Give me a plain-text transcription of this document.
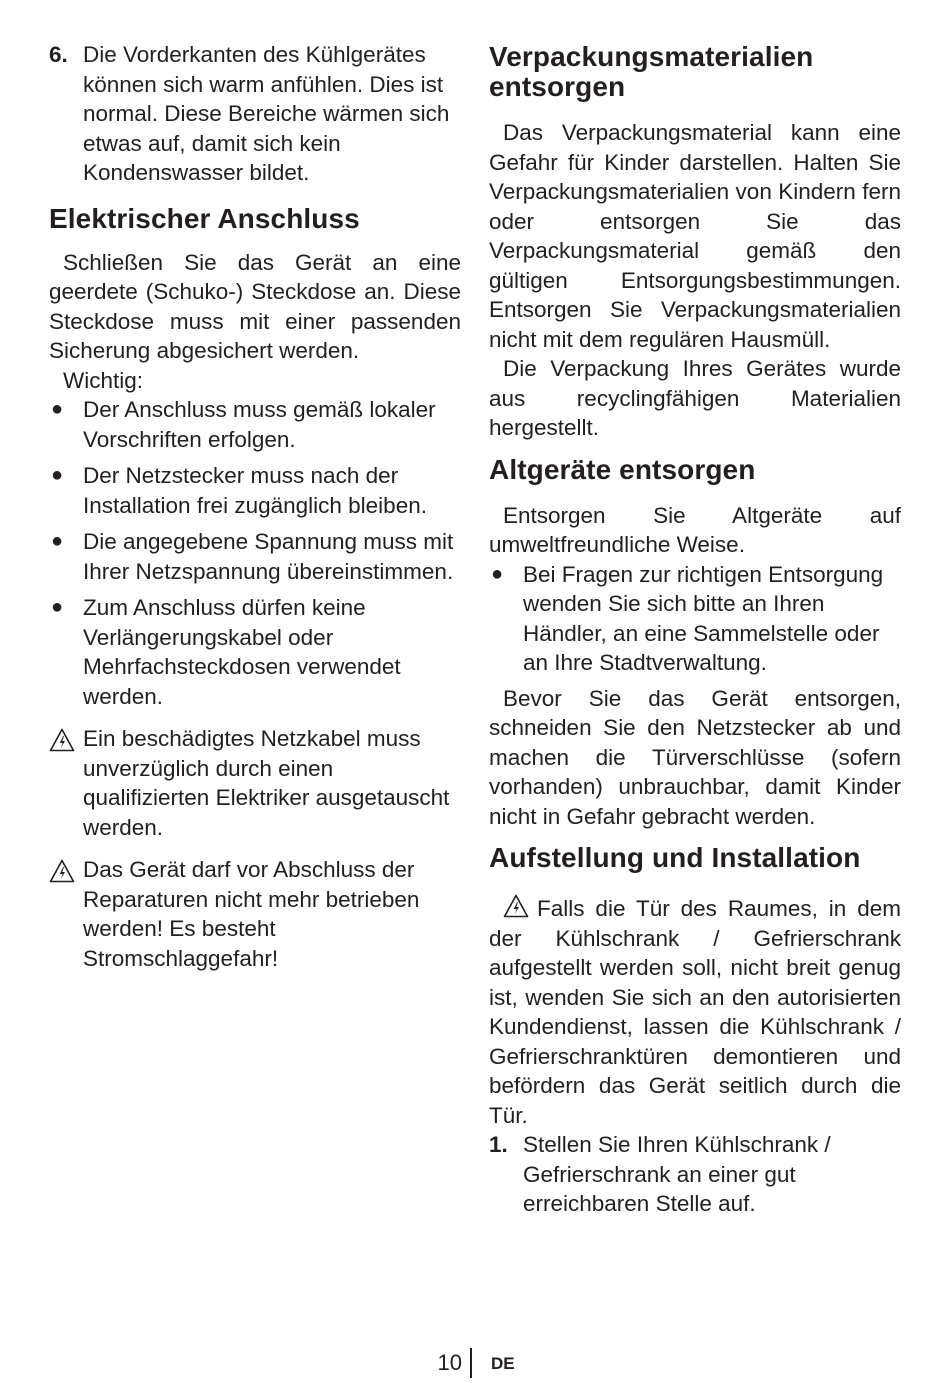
6. Die Vorderkanten des Kühlgerätes können sich warm anfühlen. Dies ist normal. Diese Bereiche wärmen sich etwas auf, damit sich kein Kondenswasser bildet.
Elektrischer Anschluss

Schließen Sie das Gerät an eine geerdete (Schuko-) Steckdose an. Diese Steckdose muss mit einer passenden Sicherung abgesichert werden.

Wichtig:

● Der Anschluss muss gemäß lokaler Vorschriften erfolgen.
● Der Netzstecker muss nach der Installation frei zugänglich bleiben.
● Die angegebene Spannung muss mit Ihrer Netzspannung übereinstimmen.
● Zum Anschluss dürfen keine Verlängerungskabel oder Mehrfachsteckdosen verwendet werden.
Ein beschädigtes Netzkabel muss unverzüglich durch einen qualifizierten Elektriker ausgetauscht werden.
Das Gerät darf vor Abschluss der Reparaturen nicht mehr betrieben werden! Es besteht Stromschlaggefahr!
Verpackungsmaterialien entsorgen

Das Verpackungsmaterial kann eine Gefahr für Kinder darstellen. Halten Sie Verpackungsmaterialien von Kindern fern oder entsorgen Sie das Verpackungsmaterial gemäß den gültigen Entsorgungsbestimmungen. Entsorgen Sie Verpackungsmaterialien nicht mit dem regulären Hausmüll.

Die Verpackung Ihres Gerätes wurde aus recyclingfähigen Materialien hergestellt.

Altgeräte entsorgen

Entsorgen Sie Altgeräte auf umweltfreundliche Weise.

● Bei Fragen zur richtigen Entsorgung wenden Sie sich bitte an Ihren Händler, an eine Sammelstelle oder an Ihre Stadtverwaltung.

Bevor Sie das Gerät entsorgen, schneiden Sie den Netzstecker ab und machen die Türverschlüsse (sofern vorhanden) unbrauchbar, damit Kinder nicht in Gefahr gebracht werden.

Aufstellung und Installation

Falls die Tür des Raumes, in dem der Kühlschrank / Gefrierschrank aufgestellt werden soll, nicht breit genug ist, wenden Sie sich an den autorisierten Kundendienst, lassen die Kühlschrank / Gefrierschranktüren demontieren und befördern das Gerät seitlich durch die Tür.

1. Stellen Sie Ihren Kühlschrank / Gefrierschrank an einer gut erreichbaren Stelle auf.
10 DE
